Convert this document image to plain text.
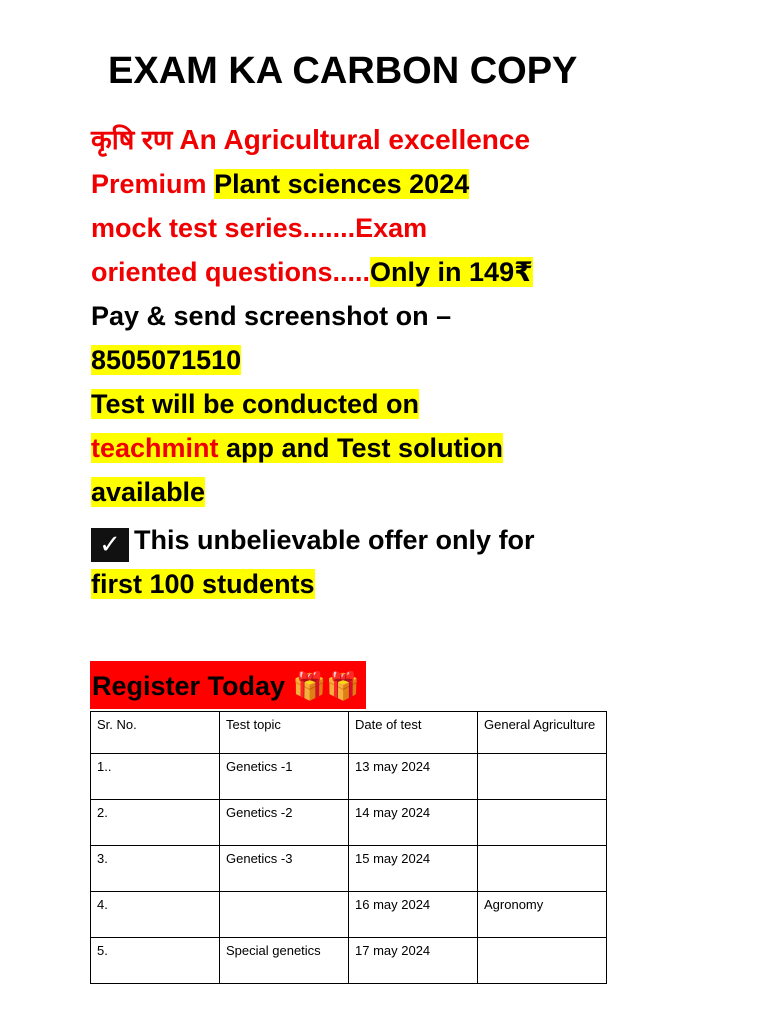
EXAM KA CARBON COPY
कृषि रण An Agricultural excellence
Premium Plant sciences 2024
mock test series.......Exam
oriented questions.....Only in 149₹
Pay & send screenshot on –
8505071510
Test will be conducted on
teachmint app and Test solution
available
✓ This unbelievable offer only for
first 100 students
Register Today 🎁🎁
Sr. No.	Test topic	Date of test	General Agriculture
1..	Genetics -1	13 may 2024	
2.	Genetics -2	14 may 2024	
3.	Genetics -3	15 may 2024	
4.		16 may 2024	Agronomy
5.	Special genetics	17 may 2024	
